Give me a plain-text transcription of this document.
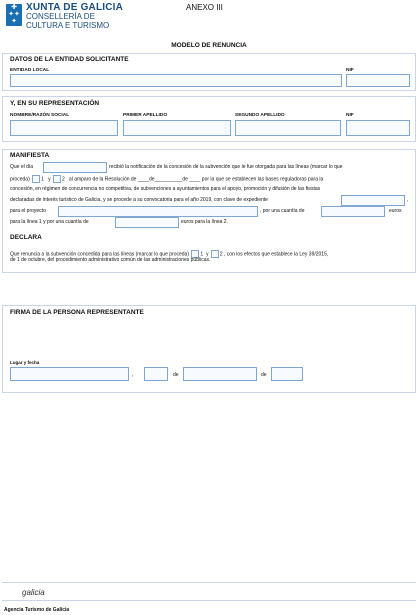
✚
✦✦
✦
XUNTA DE GALICIA
CONSELLERÍA DE
CULTURA E TURISMO
ANEXO III
MODELO DE RENUNCIA
DATOS DE LA ENTIDAD SOLICITANTE
ENTIDAD LOCAL	NIF
Y, EN SU REPRESENTACIÓN
NOMBRE/RAZÓN SOCIAL	PRIMER APELLIDO	SEGUNDO APELLIDO	NIF
MANIFIESTA
Que el día	recibió la notificación de la concesión de la subvención que le fue otorgada para las líneas (marcar lo que
proceda) 1 y 2 al amparo de la Resolución de ____de__________de ____ por la que se establecen las bases reguladoras para la
concesión, en régimen de concurrencia no competitiva, de subvenciones a ayuntamientos para el apoyo, promoción y difusión de las fiestas
declaradas de interés turístico de Galicia, y se procede a su convocatoria para el año 2019, con clave de expediente	,
para el proyecto	, por una cuantía de	euros
para la línea 1 y por una cuantía de	euros para la línea 2.
DECLARA
Que renuncia a la subvención concedida para las líneas (marcar lo que proceda) 1 y 2 , con los efectos que establece la Ley 39/2015,
de 1 de octubre, del procedimiento administrativo común de las administraciones públicas.
FIRMA DE LA PERSONA REPRESENTANTE
Lugar y fecha
,	de	de
galicia
Agencia Turismo de Galicia
